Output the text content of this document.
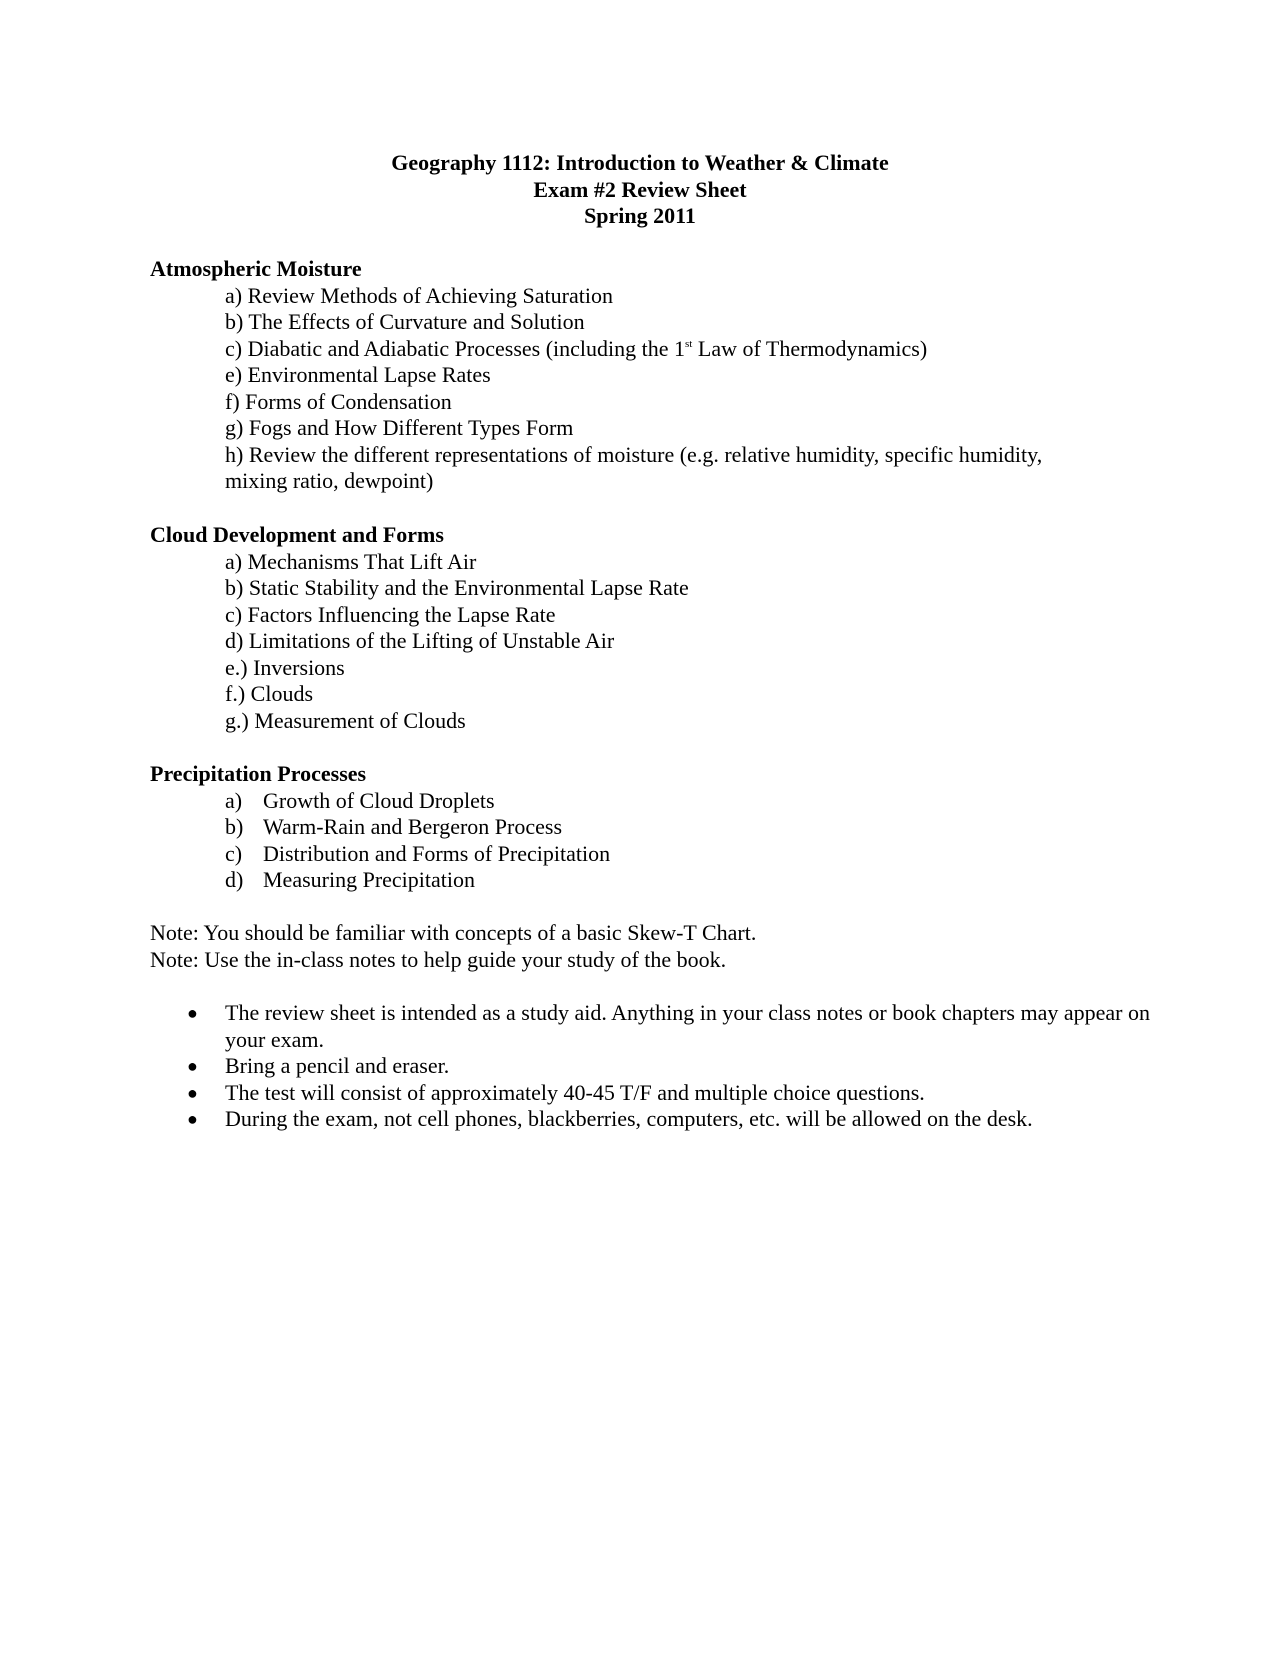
Geography 1112: Introduction to Weather & Climate
Exam #2 Review Sheet
Spring 2011
Atmospheric Moisture
a) Review Methods of Achieving Saturation
b) The Effects of Curvature and Solution
c) Diabatic and Adiabatic Processes (including the 1st Law of Thermodynamics)
e) Environmental Lapse Rates
f) Forms of Condensation
g) Fogs and How Different Types Form
h) Review the different representations of moisture (e.g. relative humidity, specific humidity, mixing ratio, dewpoint)
Cloud Development and Forms
a) Mechanisms That Lift Air
b) Static Stability and the Environmental Lapse Rate
c) Factors Influencing the Lapse Rate
d) Limitations of the Lifting of Unstable Air
e.) Inversions
f.) Clouds
g.) Measurement of Clouds
Precipitation Processes
a) Growth of Cloud Droplets
b) Warm-Rain and Bergeron Process
c) Distribution and Forms of Precipitation
d) Measuring Precipitation
Note: You should be familiar with concepts of a basic Skew-T Chart.
Note: Use the in-class notes to help guide your study of the book.
● The review sheet is intended as a study aid. Anything in your class notes or book chapters may appear on your exam.
● Bring a pencil and eraser.
● The test will consist of approximately 40-45 T/F and multiple choice questions.
● During the exam, not cell phones, blackberries, computers, etc. will be allowed on the desk.
